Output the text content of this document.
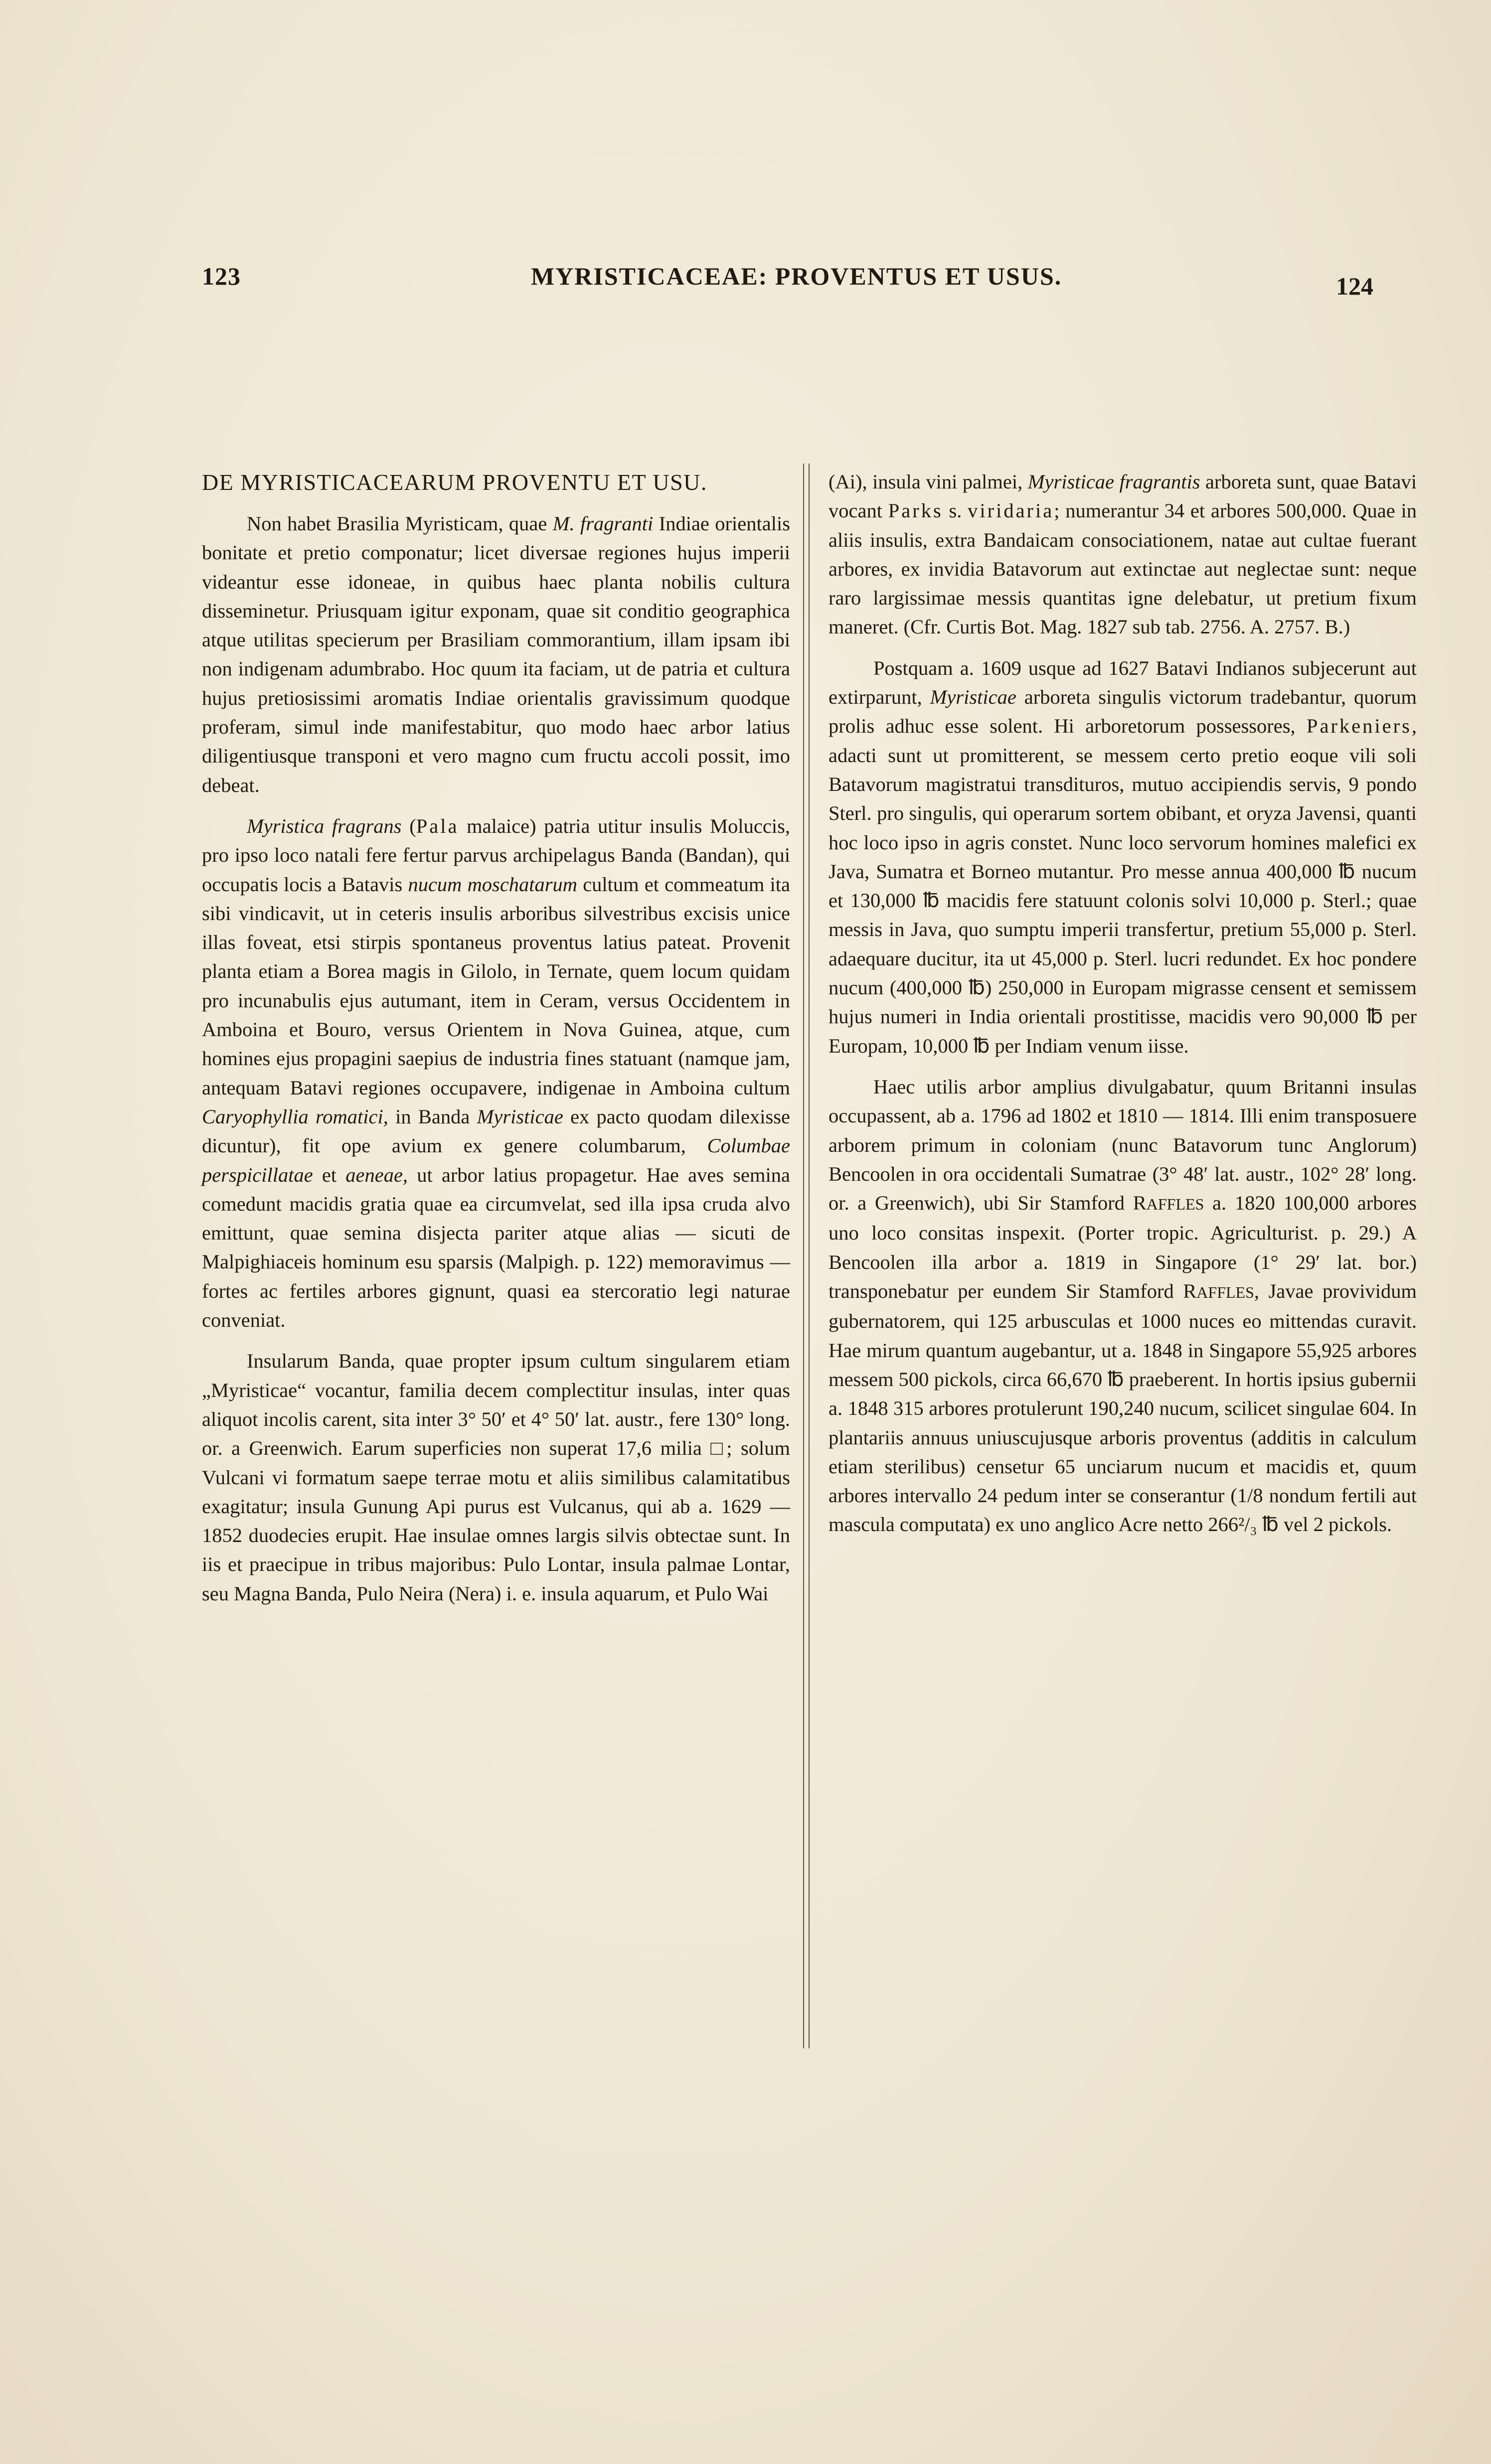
123	MYRISTICACEAE: PROVENTUS ET USUS.	124
DE MYRISTICACEARUM PROVENTU ET USU.

Non habet Brasilia Myristicam, quae M. fragranti Indiae orientalis bonitate et pretio componatur; licet diversae regiones hujus imperii videantur esse idoneae, in quibus haec planta nobilis cultura disseminetur. Priusquam igitur exponam, quae sit conditio geographica atque utilitas specierum per Brasiliam commorantium, illam ipsam ibi non indigenam adumbrabo. Hoc quum ita faciam, ut de patria et cultura hujus pretiosissimi aromatis Indiae orientalis gravissimum quodque proferam, simul inde manifestabitur, quo modo haec arbor latius diligentiusque transponi et vero magno cum fructu accoli possit, imo debeat.

Myristica fragrans (Pala malaice) patria utitur insulis Moluccis, pro ipso loco natali fere fertur parvus archipelagus Banda (Bandan), qui occupatis locis a Batavis nucum moschatarum cultum et commeatum ita sibi vindicavit, ut in ceteris insulis arboribus silvestribus excisis unice illas foveat, etsi stirpis spontaneus proventus latius pateat. Provenit planta etiam a Borea magis in Gilolo, in Ternate, quem locum quidam pro incunabulis ejus autumant, item in Ceram, versus Occidentem in Amboina et Bouro, versus Orientem in Nova Guinea, atque, cum homines ejus propagini saepius de industria fines statuant (namque jam, antequam Batavi regiones occupavere, indigenae in Amboina cultum Caryophyllia romatici, in Banda Myristicae ex pacto quodam dilexisse dicuntur), fit ope avium ex genere columbarum, Columbae perspicillatae et aeneae, ut arbor latius propagetur. Hae aves semina comedunt macidis gratia quae ea circumvelat, sed illa ipsa cruda alvo emittunt, quae semina disjecta pariter atque alias — sicuti de Malpighiaceis hominum esu sparsis (Malpigh. p. 122) memoravimus — fortes ac fertiles arbores gignunt, quasi ea stercoratio legi naturae conveniat.

Insularum Banda, quae propter ipsum cultum singularem etiam „Myristicae“ vocantur, familia decem complectitur insulas, inter quas aliquot incolis carent, sita inter 3° 50′ et 4° 50′ lat. austr., fere 130° long. or. a Greenwich. Earum superficies non superat 17,6 milia □; solum Vulcani vi formatum saepe terrae motu et aliis similibus calamitatibus exagitatur; insula Gunung Api purus est Vulcanus, qui ab a. 1629 — 1852 duodecies erupit. Hae insulae omnes largis silvis obtectae sunt. In iis et praecipue in tribus majoribus: Pulo Lontar, insula palmae Lontar, seu Magna Banda, Pulo Neira (Nera) i. e. insula aquarum, et Pulo Wai

(Ai), insula vini palmei, Myristicae fragrantis arboreta sunt, quae Batavi vocant Parks s. viridaria; numerantur 34 et arbores 500,000. Quae in aliis insulis, extra Bandaicam consociationem, natae aut cultae fuerant arbores, ex invidia Batavorum aut extinctae aut neglectae sunt: neque raro largissimae messis quantitas igne delebatur, ut pretium fixum maneret. (Cfr. Curtis Bot. Mag. 1827 sub tab. 2756. A. 2757. B.)

Postquam a. 1609 usque ad 1627 Batavi Indianos subjecerunt aut extirparunt, Myristicae arboreta singulis victorum tradebantur, quorum prolis adhuc esse solent. Hi arboretorum possessores, Parkeniers, adacti sunt ut promitterent, se messem certo pretio eoque vili soli Batavorum magistratui transdituros, mutuo accipiendis servis, 9 pondo Sterl. pro singulis, qui operarum sortem obibant, et oryza Javensi, quanti hoc loco ipso in agris constet. Nunc loco servorum homines malefici ex Java, Sumatra et Borneo mutantur. Pro messe annua 400,000 ℔ nucum et 130,000 ℔ macidis fere statuunt colonis solvi 10,000 p. Sterl.; quae messis in Java, quo sumptu imperii transfertur, pretium 55,000 p. Sterl. adaequare ducitur, ita ut 45,000 p. Sterl. lucri redundet. Ex hoc pondere nucum (400,000 ℔) 250,000 in Europam migrasse censent et semissem hujus numeri in India orientali prostitisse, macidis vero 90,000 ℔ per Europam, 10,000 ℔ per Indiam venum iisse.

Haec utilis arbor amplius divulgabatur, quum Britanni insulas occupassent, ab a. 1796 ad 1802 et 1810 — 1814. Illi enim transposuere arborem primum in coloniam (nunc Batavorum tunc Anglorum) Bencoolen in ora occidentali Sumatrae (3° 48′ lat. austr., 102° 28′ long. or. a Greenwich), ubi Sir Stamford RAFFLES a. 1820 100,000 arbores uno loco consitas inspexit. (Porter tropic. Agriculturist. p. 29.) A Bencoolen illa arbor a. 1819 in Singapore (1° 29′ lat. bor.) transponebatur per eundem Sir Stamford RAFFLES, Javae provividum gubernatorem, qui 125 arbusculas et 1000 nuces eo mittendas curavit. Hae mirum quantum augebantur, ut a. 1848 in Singapore 55,925 arbores messem 500 pickols, circa 66,670 ℔ praeberent. In hortis ipsius gubernii a. 1848 315 arbores protulerunt 190,240 nucum, scilicet singulae 604. In plantariis annuus uniuscujusque arboris proventus (additis in calculum etiam sterilibus) censetur 65 unciarum nucum et macidis et, quum arbores intervallo 24 pedum inter se conserantur (1/8 nondum fertili aut mascula computata) ex uno anglico Acre netto 266²/₃ ℔ vel 2 pickols.
